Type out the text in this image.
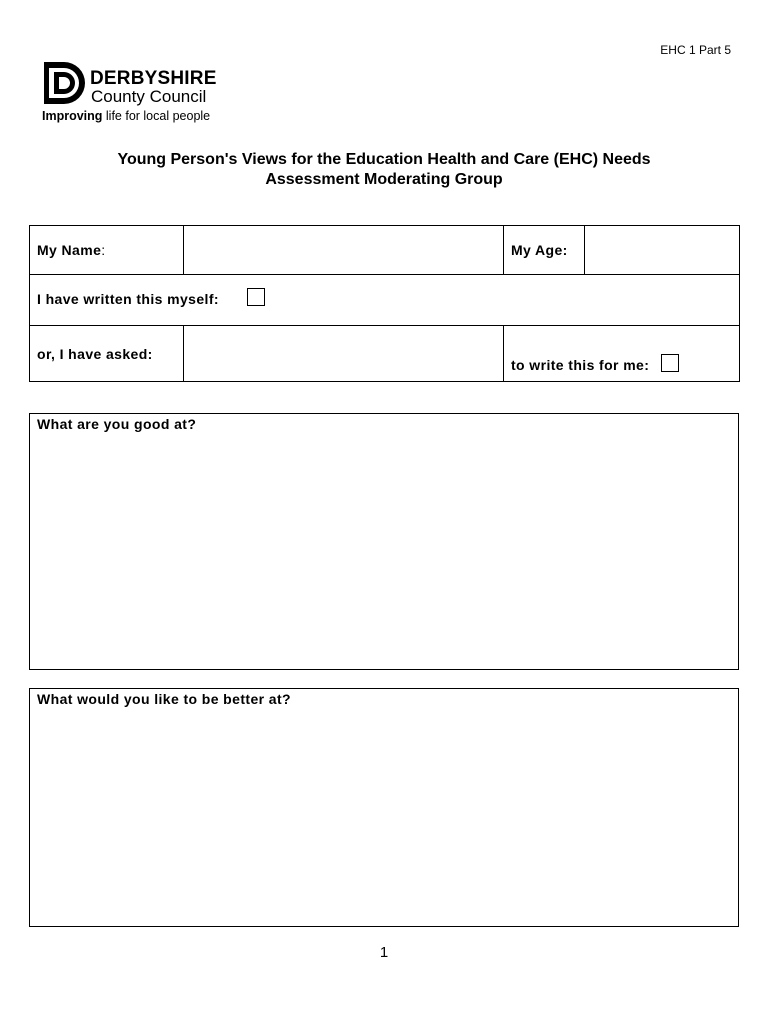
EHC 1 Part 5
DERBYSHIRE
County Council
Improving life for local people
Young Person's Views for the Education Health and Care (EHC) Needs
Assessment Moderating Group
My Name:		My Age:	
I have written this myself:			
or, I have asked:		to write this for me:	
What are you good at?
What would you like to be better at?
1
